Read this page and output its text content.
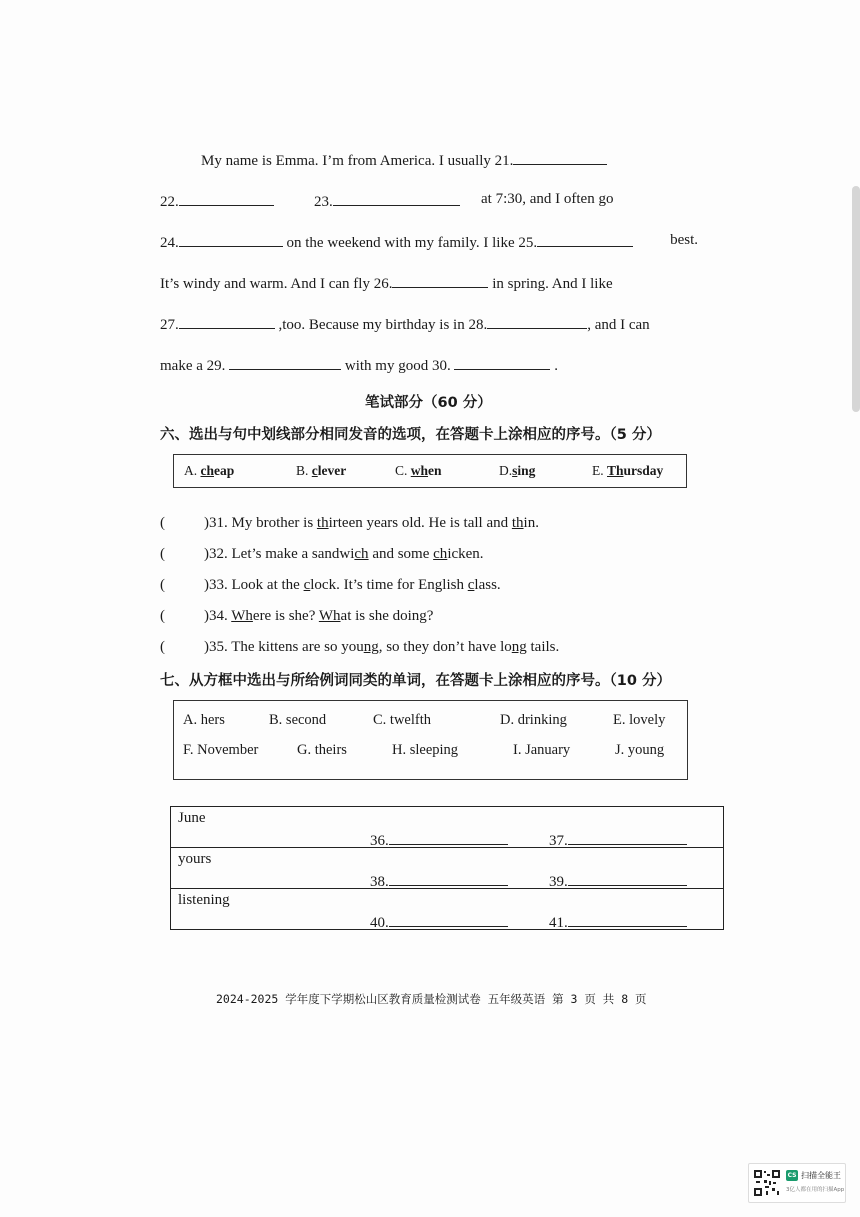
My name is Emma. I’m from America. I usually 21.
22.	23.	at 7:30, and I often go
24.	on the weekend with my family. I like 25.	best.
It’s windy and warm. And I can fly 26.	in spring. And I like
27.	,too. Because my birthday is in 28.	, and I can
make a 29.	with my good 30.	.
笔试部分（60 分）
六、选出与句中划线部分相同发音的选项，在答题卡上涂相应的序号。（5 分）
A. cheap	B. clever	C. when	D.sing	E. Thursday
(	)31. My brother is thirteen years old. He is tall and thin.
(	)32. Let’s make a sandwich and some chicken.
(	)33. Look at the clock. It’s time for English class.
(	)34. Where is she? What is she doing?
(	)35. The kittens are so young, so they don’t have long tails.
七、从方框中选出与所给例词同类的单词，在答题卡上涂相应的序号。（10 分）
A. hers	B. second	C. twelfth	D. drinking	E. lovely
F. November	G. theirs	H. sleeping	I. January	J. young
June
36.	37.

yours
38.	39.

listening
40.	41.
2024-2025 学年度下学期松山区教育质量检测试卷 五年级英语 第 3 页 共 8 页
CS 扫描全能王
3亿人都在用的扫描App
